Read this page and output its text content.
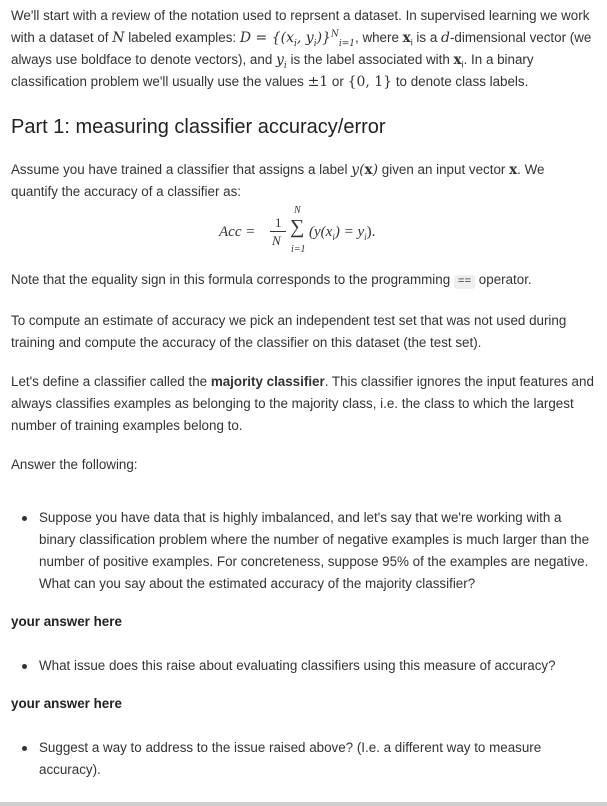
We'll start with a review of the notation used to reprsent a dataset. In supervised learning we work with a dataset of N labeled examples: $D = \{(x_i$, $y_i)\}^N_{i=1}$, where $x_i$ is a d-dimensional vector (we always use boldface to denote vectors), and $y_i$ is the label associated with $x_i$. In a binary classification problem we'll usually use the values ±1 or {0, 1} to denote class labels.

Part 1: measuring classifier accuracy/error

Assume you have trained a classifier that assigns a label y(x) given an input vector x. We quantify the accuracy of a classifier as:

Acc =
1
N
N
∑
i=1
$(y(x_i) = y_i)$.

Note that the equality sign in this formula corresponds to the programming == operator.

To compute an estimate of accuracy we pick an independent test set that was not used during training and compute the accuracy of the classifier on this dataset (the test set).

Let's define a classifier called the majority classifier. This classifier ignores the input features and always classifies examples as belonging to the majority class, i.e. the class to which the largest number of training examples belong to.

Answer the following:

Suppose you have data that is highly imbalanced, and let's say that we're working with a binary classification problem where the number of negative examples is much larger than the number of positive examples. For concreteness, suppose 95% of the examples are negative. What can you say about the estimated accuracy of the majority classifier?
your answer here
What issue does this raise about evaluating classifiers using this measure of accuracy?
your answer here
Suggest a way to address to the issue raised above? (I.e. a different way to measure accuracy).
